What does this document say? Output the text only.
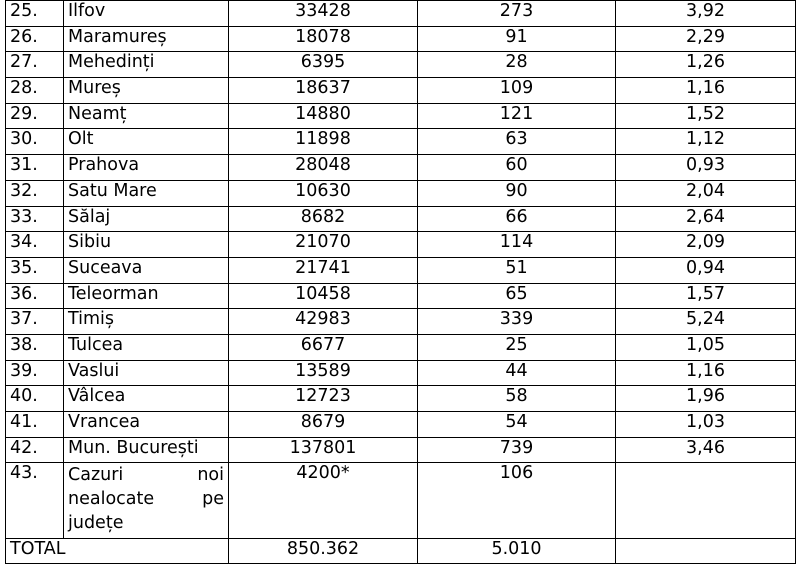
25.	Ilfov	33428	273	3,92
26.	Maramureș	18078	91	2,29
27.	Mehedinți	6395	28	1,26
28.	Mureș	18637	109	1,16
29.	Neamț	14880	121	1,52
30.	Olt	11898	63	1,12
31.	Prahova	28048	60	0,93
32.	Satu Mare	10630	90	2,04
33.	Sălaj	8682	66	2,64
34.	Sibiu	21070	114	2,09
35.	Suceava	21741	51	0,94
36.	Teleorman	10458	65	1,57
37.	Timiș	42983	339	5,24
38.	Tulcea	6677	25	1,05
39.	Vaslui	13589	44	1,16
40.	Vâlcea	12723	58	1,96
41.	Vrancea	8679	54	1,03
42.	Mun. București	137801	739	3,46
43.	Cazuri noi
nealocate pe
județe	4200*	106	
TOTAL		850.362	5.010	
